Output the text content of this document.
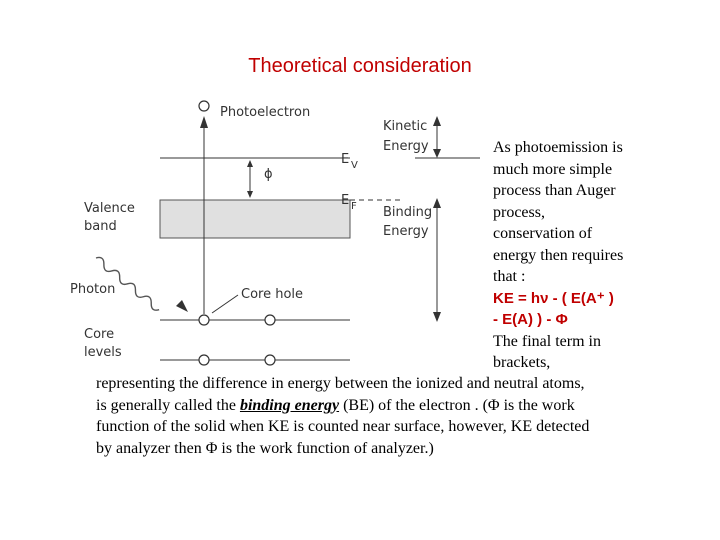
Theoretical consideration
Photoelectron
Kinetic
Energy
E V
ϕ
E F Binding
Energy
Valence
band
Photon	Core hole
Core
levels
As photoemission is
much more simple
process than Auger
process,
conservation of
energy then requires
that :
KE = hν - ( E(A⁺ )
- E(A) ) - Φ
The final term in
brackets,
representing the difference in energy between the ionized and neutral atoms,
is generally called the binding energy (BE) of the electron . (Φ is the work
function of the solid when KE is counted near surface, however, KE detected
by analyzer then Φ is the work function of analyzer.)
